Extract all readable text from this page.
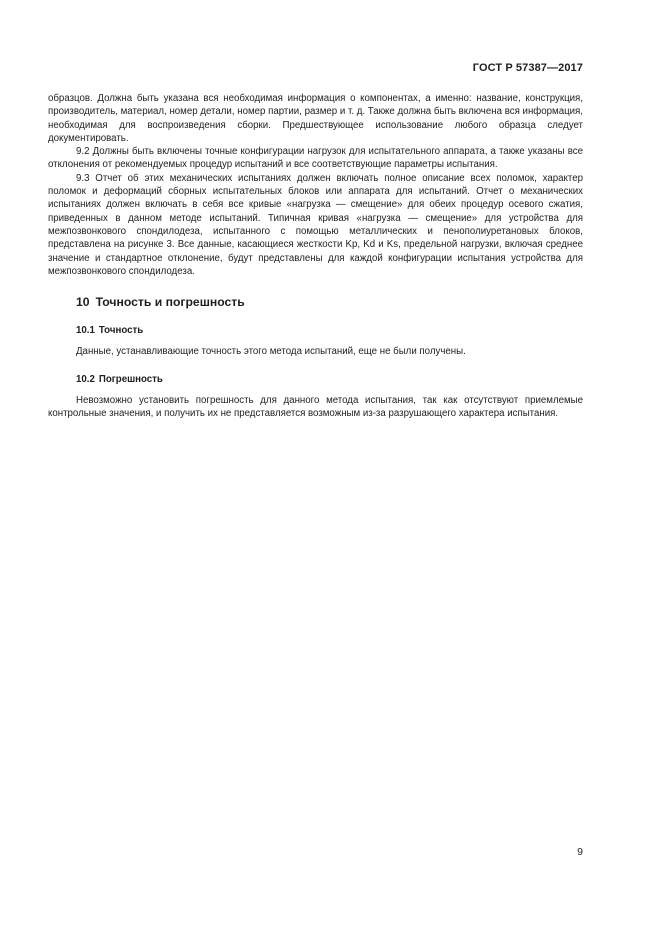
ГОСТ Р 57387—2017

образцов. Должна быть указана вся необходимая информация о компонентах, а именно: название, конструкция, производитель, материал, номер детали, номер партии, размер и т. д. Также должна быть включена вся информация, необходимая для воспроизведения сборки. Предшествующее использование любого образца следует документировать.

9.2 Должны быть включены точные конфигурации нагрузок для испытательного аппарата, а также указаны все отклонения от рекомендуемых процедур испытаний и все соответствующие параметры испытания.

9.3 Отчет об этих механических испытаниях должен включать полное описание всех поломок, характер поломок и деформаций сборных испытательных блоков или аппарата для испытаний. Отчет о механических испытаниях должен включать в себя все кривые «нагрузка — смещение» для обеих процедур осевого сжатия, приведенных в данном методе испытаний. Типичная кривая «нагрузка — смещение» для устройства для межпозвонкового спондилодеза, испытанного с помощью металлических и пенополиуретановых блоков, представлена на рисунке 3. Все данные, касающиеся жесткости Kp, Kd и Ks, предельной нагрузки, включая среднее значение и стандартное отклонение, будут представлены для каждой конфигурации испытания устройства для межпозвонкового спондилодеза.

10 Точность и погрешность
10.1 Точность

Данные, устанавливающие точность этого метода испытаний, еще не были получены.

10.2 Погрешность

Невозможно установить погрешность для данного метода испытания, так как отсутствуют приемлемые контрольные значения, и получить их не представляется возможным из-за разрушающего характера испытания.

9
